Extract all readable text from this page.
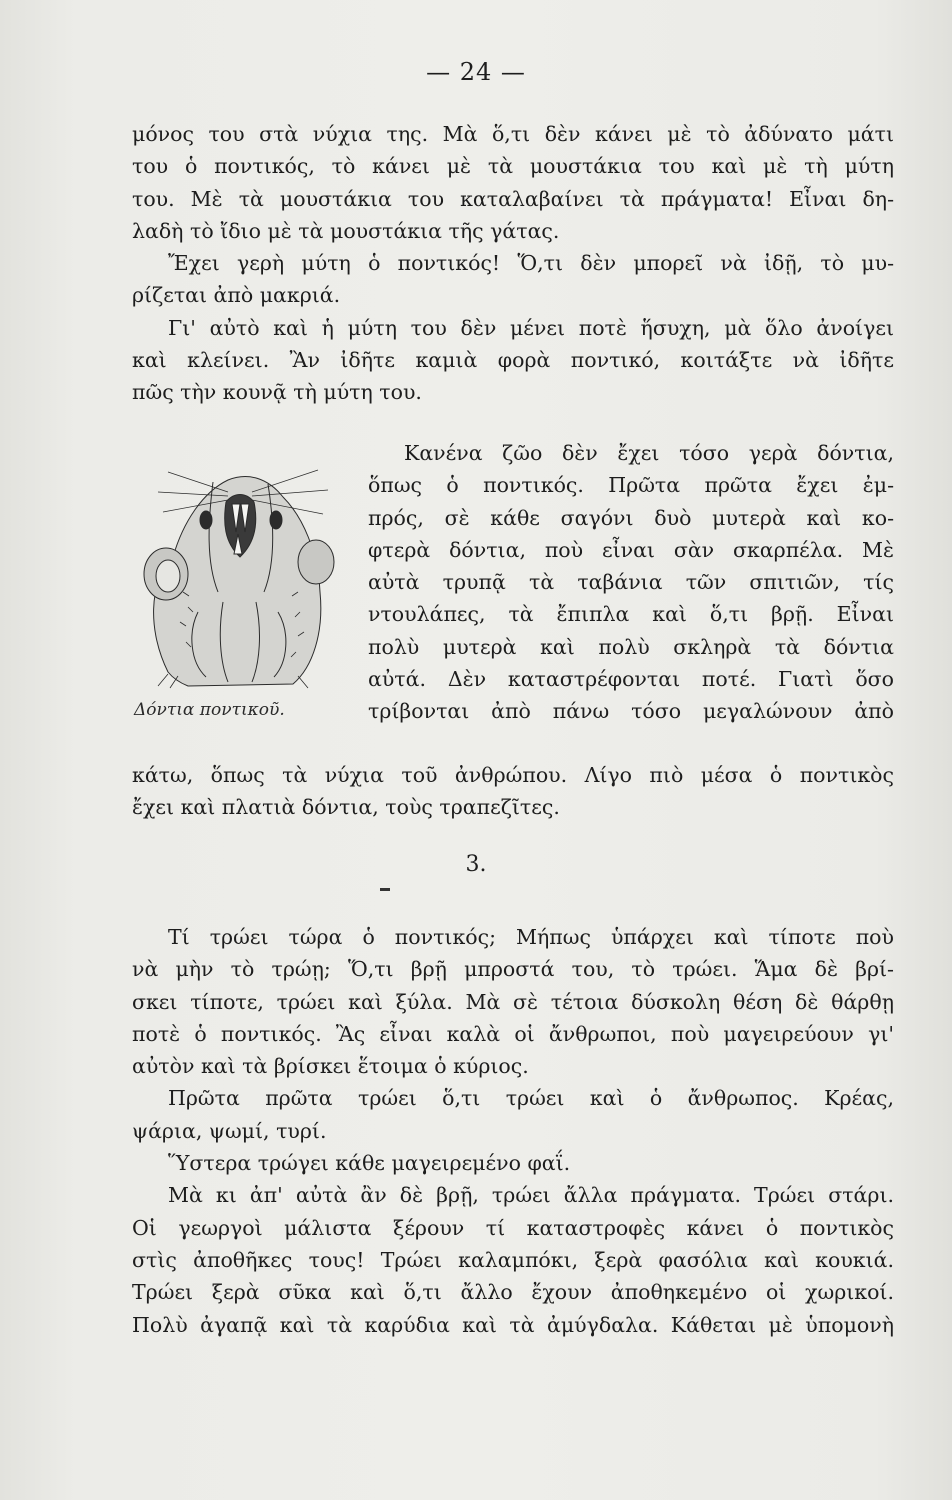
— 24 —
μόνος του στὰ νύχια της. Μὰ ὅ,τι δὲν κάνει μὲ τὸ ἀδύνατο μάτι
του ὁ ποντικός, τὸ κάνει μὲ τὰ μουστάκια του καὶ μὲ τὴ μύτη
του. Μὲ τὰ μουστάκια του καταλαβαίνει τὰ πράγματα! Εἶναι δη-
λαδὴ τὸ ἴδιο μὲ τὰ μουστάκια τῆς γάτας.
Ἔχει γερὴ μύτη ὁ ποντικός! Ὅ,τι δὲν μπορεῖ νὰ ἰδῇ, τὸ μυ-
ρίζεται ἀπὸ μακριά.
Γι' αὐτὸ καὶ ἡ μύτη του δὲν μένει ποτὲ ἥσυχη, μὰ ὅλο ἀνοίγει
καὶ κλείνει. Ἂν ἰδῆτε καμιὰ φορὰ ποντικό, κοιτάξτε νὰ ἰδῆτε
πῶς τὴν κουνᾷ τὴ μύτη του.
Δόντια ποντικοῦ.
Κανένα ζῶο δὲν ἔχει τόσο γερὰ δόντια,
ὅπως ὁ ποντικός. Πρῶτα πρῶτα ἔχει ἐμ-
πρός, σὲ κάθε σαγόνι δυὸ μυτερὰ καὶ κο-
φτερὰ δόντια, ποὺ εἶναι σὰν σκαρπέλα. Μὲ
αὐτὰ τρυπᾷ τὰ ταβάνια τῶν σπιτιῶν, τίς
ντουλάπες, τὰ ἔπιπλα καὶ ὅ,τι βρῇ. Εἶναι
πολὺ μυτερὰ καὶ πολὺ σκληρὰ τὰ δόντια
αὐτά. Δὲν καταστρέφονται ποτέ. Γιατὶ ὅσο
τρίβονται ἀπὸ πάνω τόσο μεγαλώνουν ἀπὸ
κάτω, ὅπως τὰ νύχια τοῦ ἀνθρώπου. Λίγο πιὸ μέσα ὁ ποντικὸς
ἔχει καὶ πλατιὰ δόντια, τοὺς τραπεζῖτες.
3.
Τί τρώει τώρα ὁ ποντικός; Μήπως ὑπάρχει καὶ τίποτε ποὺ
νὰ μὴν τὸ τρώῃ; Ὅ,τι βρῇ μπροστά του, τὸ τρώει. Ἅμα δὲ βρί-
σκει τίποτε, τρώει καὶ ξύλα. Μὰ σὲ τέτοια δύσκολη θέση δὲ θάρθῃ
ποτὲ ὁ ποντικός. Ἂς εἶναι καλὰ οἱ ἄνθρωποι, ποὺ μαγειρεύουν γι'
αὐτὸν καὶ τὰ βρίσκει ἕτοιμα ὁ κύριος.
Πρῶτα πρῶτα τρώει ὅ,τι τρώει καὶ ὁ ἄνθρωπος. Κρέας,
ψάρια, ψωμί, τυρί.
Ὕστερα τρώγει κάθε μαγειρεμένο φαΐ.
Μὰ κι ἀπ' αὐτὰ ἂν δὲ βρῇ, τρώει ἄλλα πράγματα. Τρώει στάρι.
Οἱ γεωργοὶ μάλιστα ξέρουν τί καταστροφὲς κάνει ὁ ποντικὸς
στὶς ἀποθῆκες τους! Τρώει καλαμπόκι, ξερὰ φασόλια καὶ κουκιά.
Τρώει ξερὰ σῦκα καὶ ὅ,τι ἄλλο ἔχουν ἀποθηκεμένο οἱ χωρικοί.
Πολὺ ἀγαπᾷ καὶ τὰ καρύδια καὶ τὰ ἀμύγδαλα. Κάθεται μὲ ὑπομονὴ
